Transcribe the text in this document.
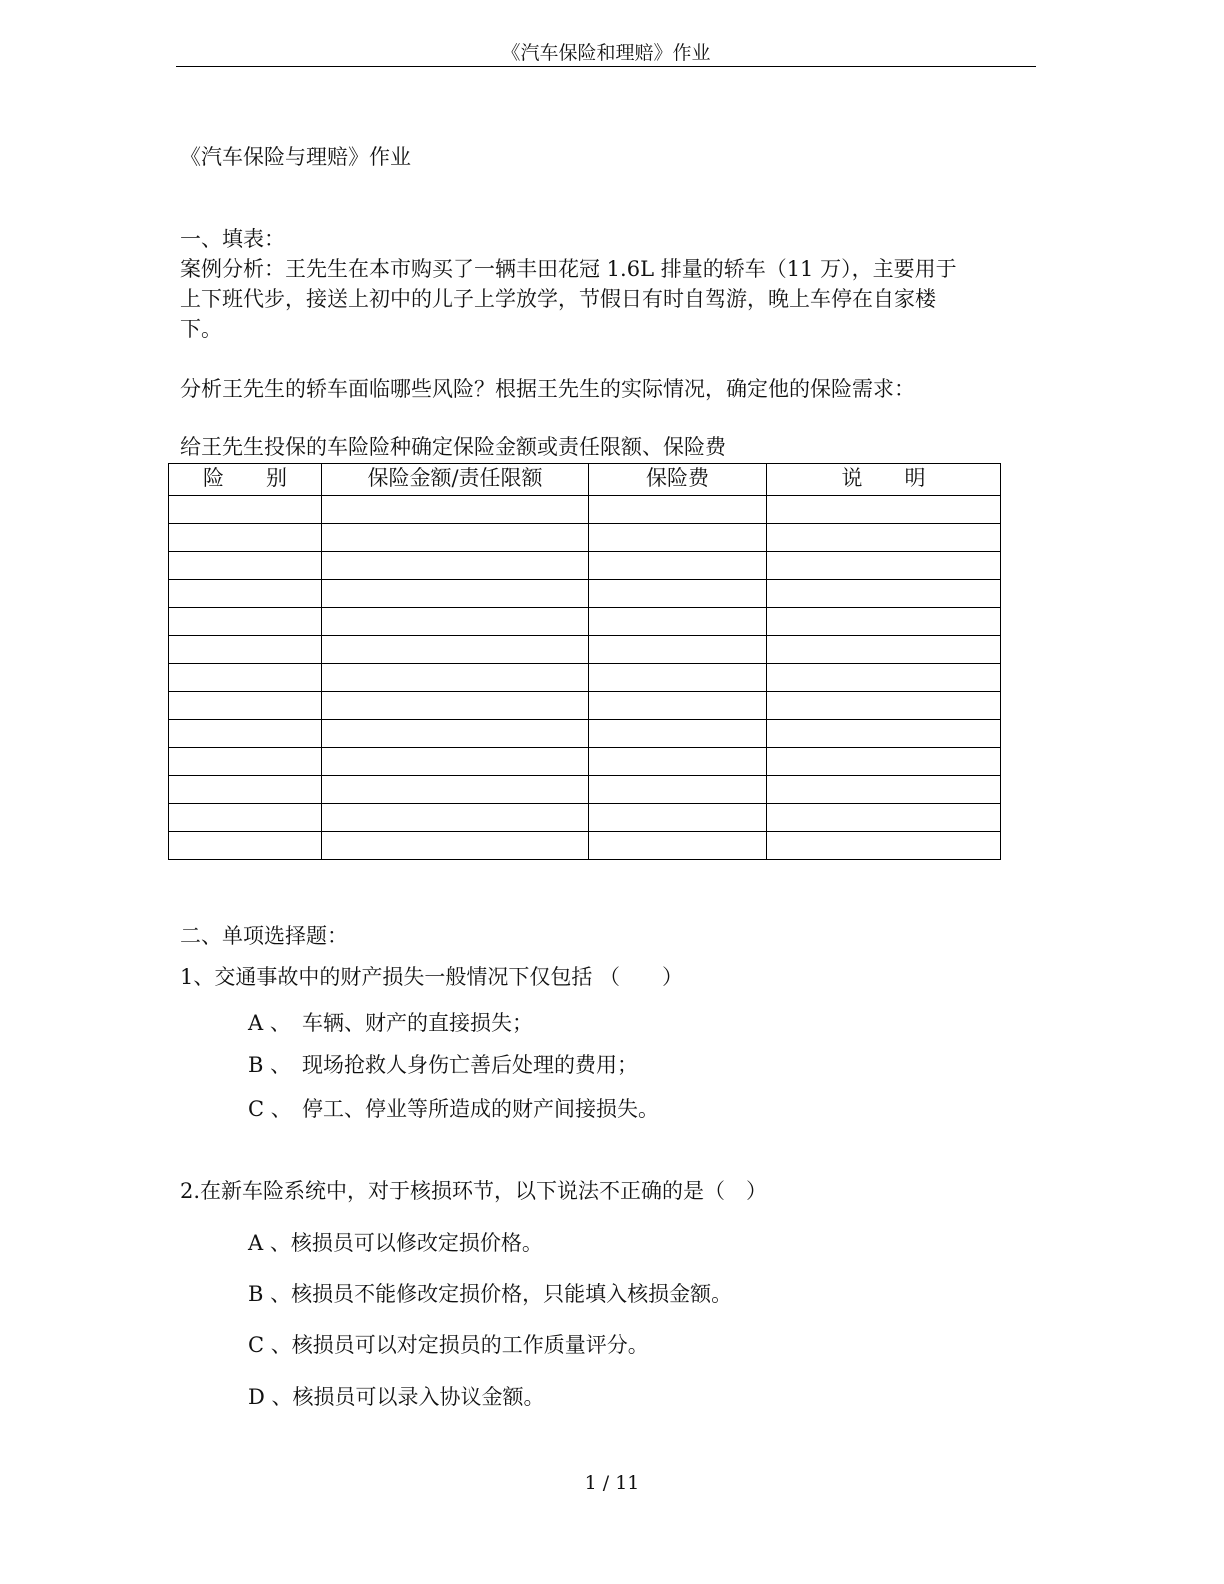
《汽车保险和理赔》作业
《汽车保险与理赔》作业
一、填表：
案例分析：王先生在本市购买了一辆丰田花冠 1.6L 排量的轿车（11 万），主要用于
上下班代步，接送上初中的儿子上学放学，节假日有时自驾游，晚上车停在自家楼
下。
分析王先生的轿车面临哪些风险？根据王先生的实际情况，确定他的保险需求：
给王先生投保的车险险种确定保险金额或责任限额、保险费
险　　别	保险金额/责任限额	保险费	说　　明

二、单项选择题：
1、交通事故中的财产损失一般情况下仅包括 （　　）
A 、 车辆、财产的直接损失；
B 、 现场抢救人身伤亡善后处理的费用；
C 、 停工、停业等所造成的财产间接损失。
2.在新车险系统中，对于核损环节，以下说法不正确的是（　）
A 、核损员可以修改定损价格。
B 、核损员不能修改定损价格，只能填入核损金额。
C 、核损员可以对定损员的工作质量评分。
D 、核损员可以录入协议金额。
1 / 11
